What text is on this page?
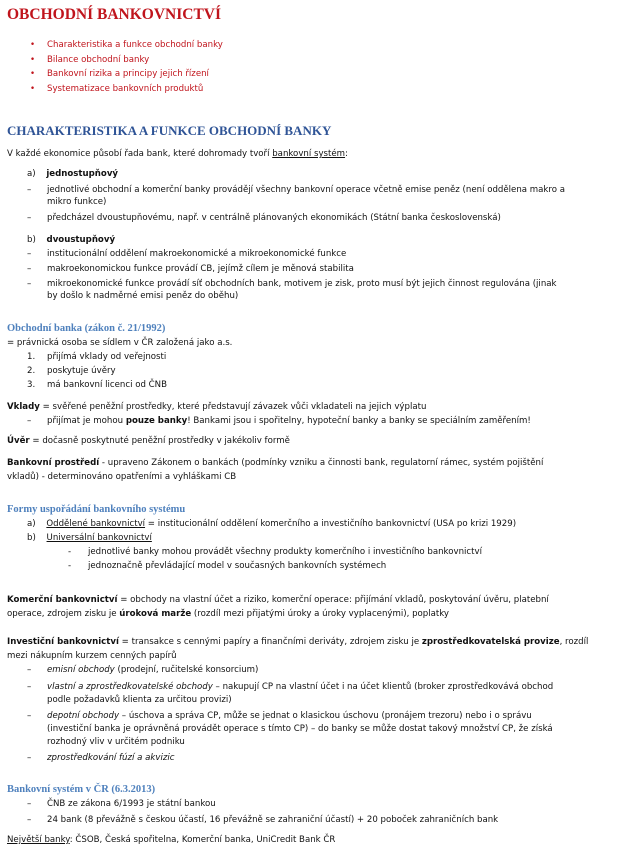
OBCHODNÍ BANKOVNICTVÍ
• Charakteristika a funkce obchodní banky
• Bilance obchodní banky
• Bankovní rizika a principy jejich řízení
• Systematizace bankovních produktů
CHARAKTERISTIKA A FUNKCE OBCHODNÍ BANKY
V každé ekonomice působí řada bank, které dohromady tvoří bankovní systém:
a) jednostupňový
– jednotlivé obchodní a komerční banky provádějí všechny bankovní operace včetně emise peněz (není oddělena makro a
mikro funkce)
– předcházel dvoustupňovému, např. v centrálně plánovaných ekonomikách (Státní banka československá)
b) dvoustupňový
– institucionální oddělení makroekonomické a mikroekonomické funkce
– makroekonomickou funkce provádí CB, jejímž cílem je měnová stabilita
– mikroekonomické funkce provádí síť obchodních bank, motivem je zisk, proto musí být jejich činnost regulována (jinak
by došlo k nadměrné emisi peněz do oběhu)
Obchodní banka (zákon č. 21/1992)
= právnická osoba se sídlem v ČR založená jako a.s.
1. přijímá vklady od veřejnosti
2. poskytuje úvěry
3. má bankovní licenci od ČNB
Vklady = svěřené peněžní prostředky, které představují závazek vůči vkladateli na jejich výplatu
– přijímat je mohou pouze banky! Bankami jsou i spořitelny, hypoteční banky a banky se speciálním zaměřením!
Úvěr = dočasně poskytnuté peněžní prostředky v jakékoliv formě
Bankovní prostředí - upraveno Zákonem o bankách (podmínky vzniku a činnosti bank, regulatorní rámec, systém pojištění
vkladů) - determinováno opatřeními a vyhláškami CB
Formy uspořádání bankovního systému
a) Oddělené bankovnictví = institucionální oddělení komerčního a investičního bankovnictví (USA po krizi 1929)
b) Universální bankovnictví
- jednotlivé banky mohou provádět všechny produkty komerčního i investičního bankovnictví
- jednoznačně převládající model v současných bankovních systémech
Komerční bankovnictví = obchody na vlastní účet a riziko, komerční operace: přijímání vkladů, poskytování úvěru, platební
operace, zdrojem zisku je úroková marže (rozdíl mezi přijatými úroky a úroky vyplacenými), poplatky
Investiční bankovnictví = transakce s cennými papíry a finančními deriváty, zdrojem zisku je zprostředkovatelská provize, rozdíl
mezi nákupním kurzem cenných papírů
– emisní obchody (prodejní, ručitelské konsorcium)
– vlastní a zprostředkovatelské obchody – nakupují CP na vlastní účet i na účet klientů (broker zprostředkovává obchod
podle požadavků klienta za určitou provizi)
– depotní obchody – úschova a správa CP, může se jednat o klasickou úschovu (pronájem trezoru) nebo i o správu
(investiční banka je oprávněná provádět operace s tímto CP) – do banky se může dostat takový množství CP, že získá
rozhodný vliv v určitém podniku
– zprostředkování fúzí a akvizic
Bankovní systém v ČR (6.3.2013)
– ČNB ze zákona 6/1993 je státní bankou
– 24 bank (8 převážně s českou účastí, 16 převážně se zahraniční účastí) + 20 poboček zahraničních bank
Největší banky: ČSOB, Česká spořitelna, Komerční banka, UniCredit Bank ČR
